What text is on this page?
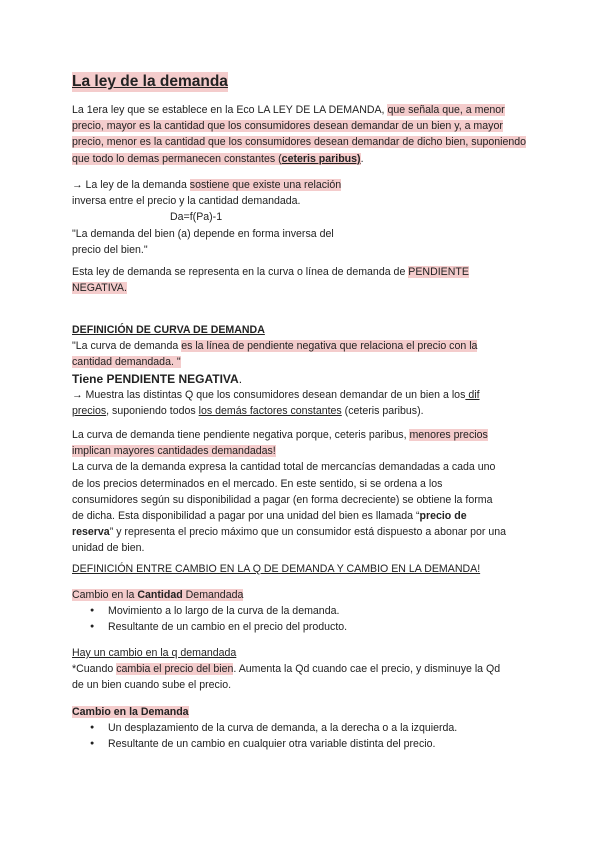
La ley de la demanda
La 1era ley que se establece en la Eco LA LEY DE LA DEMANDA, que señala que, a menor precio, mayor es la cantidad que los consumidores desean demandar de un bien y, a mayor precio, menor es la cantidad que los consumidores desean demandar de dicho bien, suponiendo que todo lo demas permanecen constantes (ceteris paribus).
→ La ley de la demanda sostiene que existe una relación
inversa entre el precio y la cantidad demandada.
Da=f(Pa)-1
"La demanda del bien (a) depende en forma inversa del
precio del bien."
Esta ley de demanda se representa en la curva o línea de demanda de PENDIENTE
NEGATIVA.
DEFINICIÓN DE CURVA DE DEMANDA
"La curva de demanda es la línea de pendiente negativa que relaciona el precio con la
cantidad demandada. "
Tiene PENDIENTE NEGATIVA.
→ Muestra las distintas Q que los consumidores desean demandar de un bien a los dif
precios, suponiendo todos los demás factores constantes (ceteris paribus).
La curva de demanda tiene pendiente negativa porque, ceteris paribus, menores precios
implican mayores cantidades demandadas!
La curva de la demanda expresa la cantidad total de mercancías demandadas a cada uno
de los precios determinados en el mercado. En este sentido, si se ordena a los
consumidores según su disponibilidad a pagar (en forma decreciente) se obtiene la forma
de dicha. Esta disponibilidad a pagar por una unidad del bien es llamada “precio de
reserva” y representa el precio máximo que un consumidor está dispuesto a abonar por una
unidad de bien.
DEFINICIÓN ENTRE CAMBIO EN LA Q DE DEMANDA Y CAMBIO EN LA DEMANDA!
Cambio en la Cantidad Demandada
● Movimiento a lo largo de la curva de la demanda.
● Resultante de un cambio en el precio del producto.
Hay un cambio en la q demandada
*Cuando cambia el precio del bien. Aumenta la Qd cuando cae el precio, y disminuye la Qd
de un bien cuando sube el precio.
Cambio en la Demanda
● Un desplazamiento de la curva de demanda, a la derecha o a la izquierda.
● Resultante de un cambio en cualquier otra variable distinta del precio.
